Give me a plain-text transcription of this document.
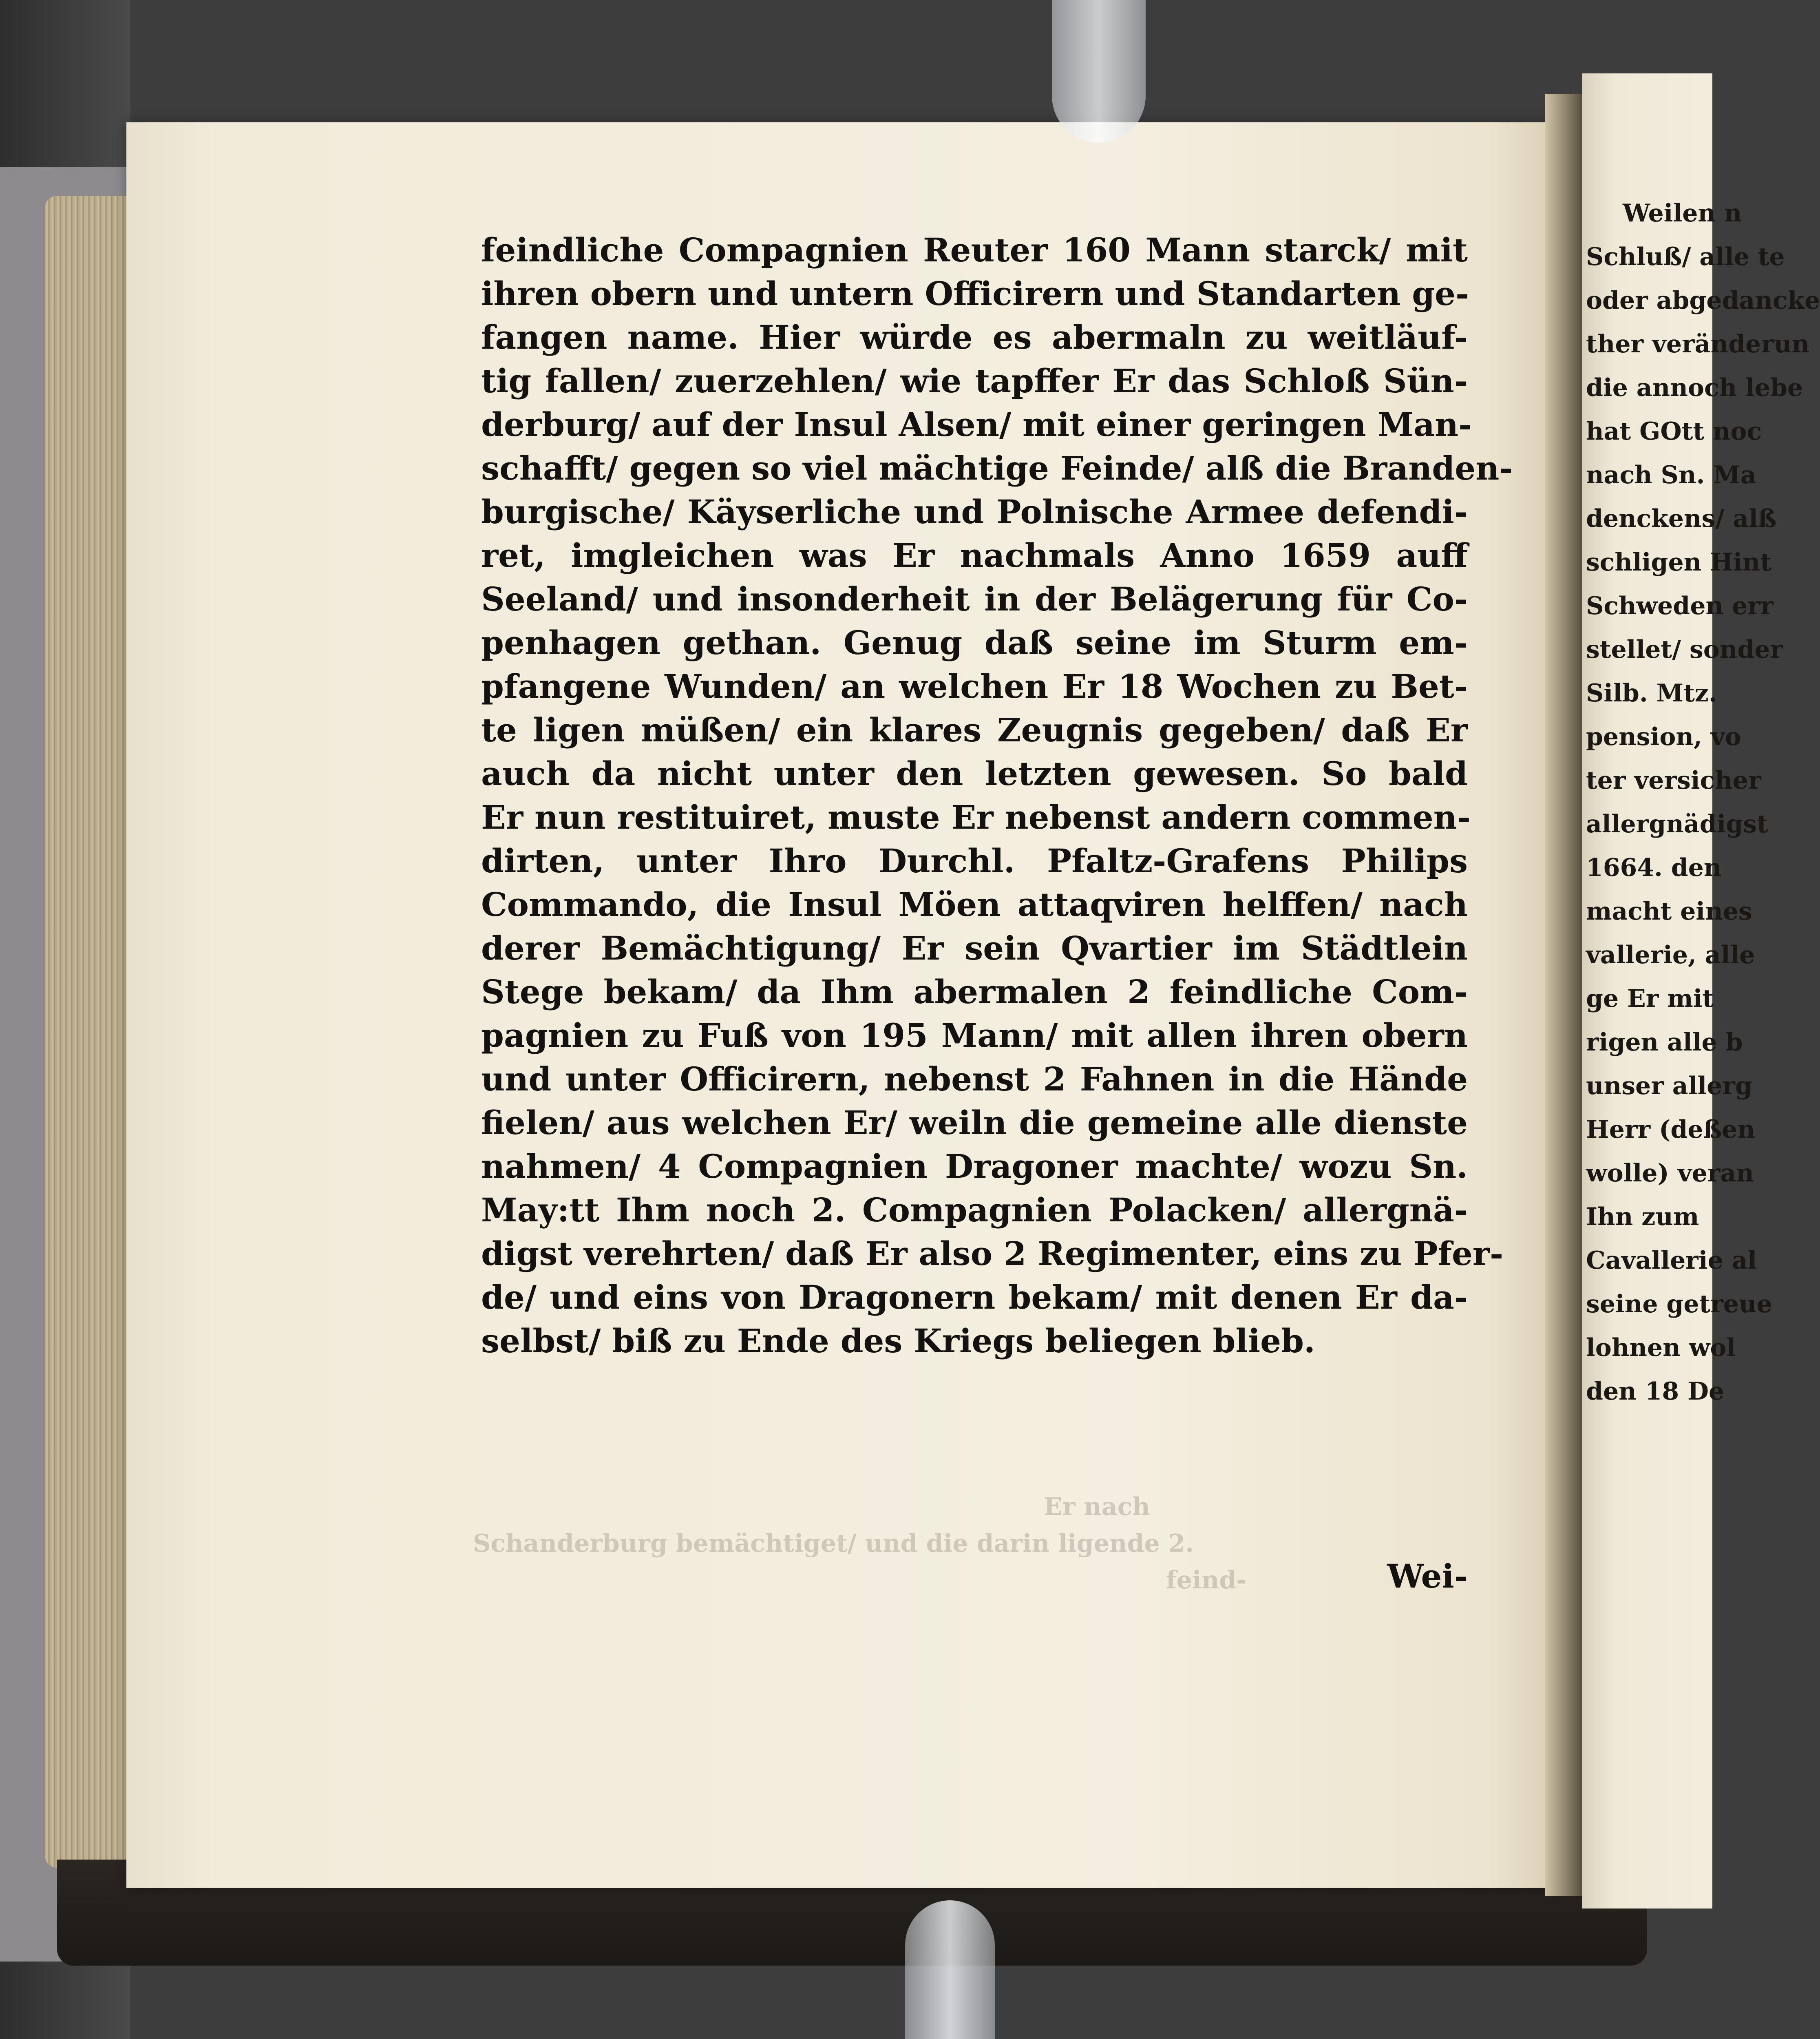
Er nach
Schanderburg bemächtiget/ und die darin ligende 2.
feind-
feindliche Compagnien Reuter 160 Mann starck/ mit
ihren obern und untern Officirern und Standarten ge-
fangen name. Hier würde es abermaln zu weitläuf-
tig fallen/ zuerzehlen/ wie tapffer Er das Schloß Sün-
derburg/ auf der Insul Alsen/ mit einer geringen Man-
schafft/ gegen so viel mächtige Feinde/ alß die Branden-
burgische/ Käyserliche und Polnische Armee defendi-
ret, imgleichen was Er nachmals Anno 1659 auff
Seeland/ und insonderheit in der Belägerung für Co-
penhagen gethan. Genug daß seine im Sturm em-
pfangene Wunden/ an welchen Er 18 Wochen zu Bet-
te ligen müßen/ ein klares Zeugnis gegeben/ daß Er
auch da nicht unter den letzten gewesen. So bald
Er nun restituiret, muste Er nebenst andern commen-
dirten, unter Ihro Durchl. Pfaltz-Grafens Philips
Commando, die Insul Möen attaqviren helffen/ nach
derer Bemächtigung/ Er sein Qvartier im Städtlein
Stege bekam/ da Ihm abermalen 2 feindliche Com-
pagnien zu Fuß von 195 Mann/ mit allen ihren obern
und unter Officirern, nebenst 2 Fahnen in die Hände
fielen/ aus welchen Er/ weiln die gemeine alle dienste
nahmen/ 4 Compagnien Dragoner machte/ wozu Sn.
May:tt Ihm noch 2. Compagnien Polacken/ allergnä-
digst verehrten/ daß Er also 2 Regimenter, eins zu Pfer-
de/ und eins von Dragonern bekam/ mit denen Er da-
selbst/ biß zu Ende des Kriegs beliegen blieb.
Wei-
Weilen n
Schluß/ alle te
oder abgedancke
ther veränderun
die annoch lebe
hat GOtt noc
nach Sn. Ma
denckens/ alß
schligen Hint
Schweden err
stellet/ sonder
Silb. Mtz.
pension, vo
ter versicher
allergnädigst
1664. den
macht eines
vallerie, alle
ge Er mit
rigen alle b
unser allerg
Herr (deßen
wolle) veran
Ihn zum
Cavallerie al
seine getreue
lohnen wol
den 18 De
